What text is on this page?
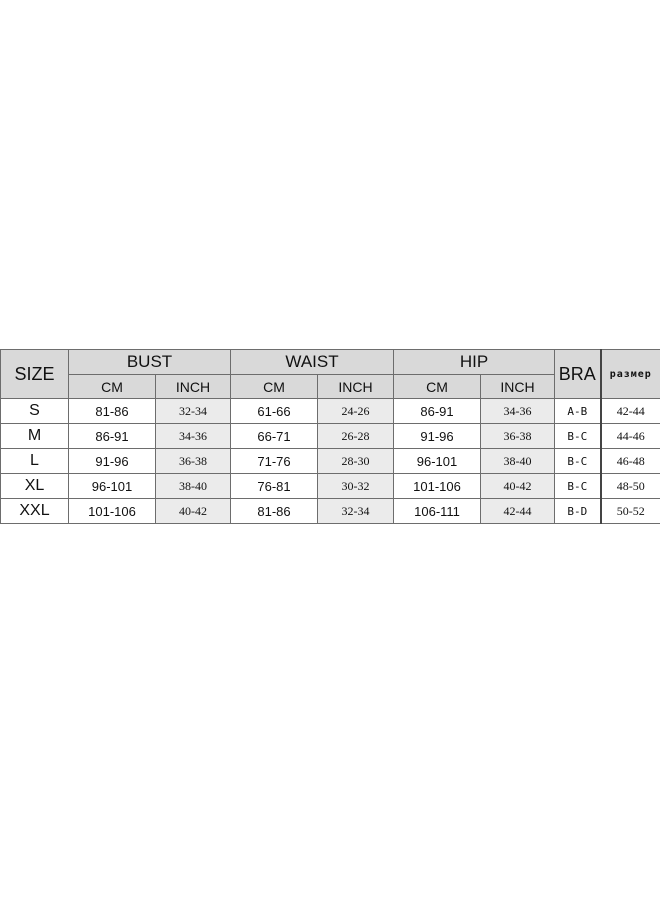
SIZE	BUST		WAIST		HIP		BRA	размер
	CM	INCH	CM	INCH	CM	INCH		
S	81-86	32-34	61-66	24-26	86-91	34-36	A-B	42-44
M	86-91	34-36	66-71	26-28	91-96	36-38	B-C	44-46
L	91-96	36-38	71-76	28-30	96-101	38-40	B-C	46-48
XL	96-101	38-40	76-81	30-32	101-106	40-42	B-C	48-50
XXL	101-106	40-42	81-86	32-34	106-111	42-44	B-D	50-52
